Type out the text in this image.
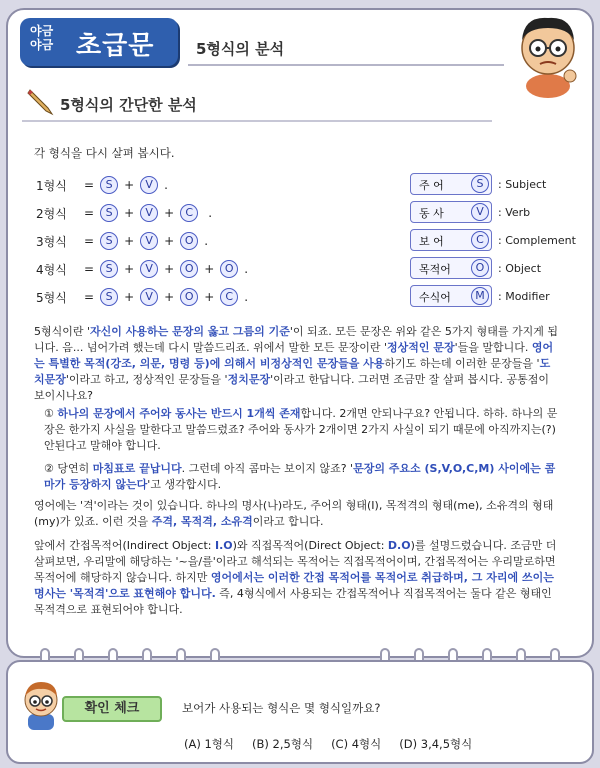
야금
야금 초급문법
5형식의 분석
5형식의 간단한 분석
각 형식을 다시 살펴 봅시다.
1형식	=	S +	V .
2형식	=	S +	V +	C	.
3형식	=	S +	V + O .
4형식	=	S +	V + O + O .
5형식	=	S +	V + O +	C .
주 어	S	: Subject
동 사	V	: Verb
보 어	C	: Complement
목적어	O	: Object
수식어	M	: Modifier
5형식이란 '자신이 사용하는 문장의 옳고 그름의 기준'이 되죠. 모든 문장은 위와 같은 5가지 형태를 가지게 됩니다. 음... 넘어가려 했는데 다시 말씀드리죠. 위에서 말한 모든 문장이란 '정상적인 문장'들을 말합니다. 영어는 특별한 목적(강조, 의문, 명령 등)에 의해서 비정상적인 문장들을 사용하기도 하는데 이러한 문장들을 '도치문장'이라고 하고, 정상적인 문장들을 '정치문장'이라고 한답니다. 그러면 조금만 잘 살펴 봅시다. 공통점이 보이시나요?
① 하나의 문장에서 주어와 동사는 반드시 1개씩 존재합니다. 2개면 안되나구요? 안됩니다. 하하. 하나의 문장은 한가지 사실을 말한다고 말씀드렸죠? 주어와 동사가 2개이면 2가지 사실이 되기 때문에 아직까지는(?) 안된다고 말해야 합니다.
② 당연히 마침표로 끝납니다. 그런데 아직 콤마는 보이지 않죠? '문장의 주요소 (S,V,O,C,M) 사이에는 콤마가 등장하지 않는다'고 생각합시다.
영어에는 '격'이라는 것이 있습니다. 하나의 명사(나)라도, 주어의 형태(I), 목적격의 형태(me), 소유격의 형태(my)가 있죠. 이런 것을 주격, 목적격, 소유격이라고 합니다.
앞에서 간접목적어(Indirect Object: I.O)와 직접목적어(Direct Object: D.O)를 설명드렸습니다. 조금만 더 살펴보면, 우리말에 해당하는 '~을/를'이라고 해석되는 목적어는 직접목적어이며, 간접목적어는 우리말로하면 목적어에 해당하지 않습니다. 하지만 영어에서는 이러한 간접 목적어를 목적어로 취급하며, 그 자리에 쓰이는 명사는 '목적격'으로 표현해야 합니다. 즉, 4형식에서 사용되는 간접목적어나 직접목적어는 둘다 같은 형태인 목적격으로 표현되어야 합니다.
확인 체크	보어가 사용되는 형식은 몇 형식일까요?
(A) 1형식 (B) 2,5형식 (C) 4형식 (D) 3,4,5형식
